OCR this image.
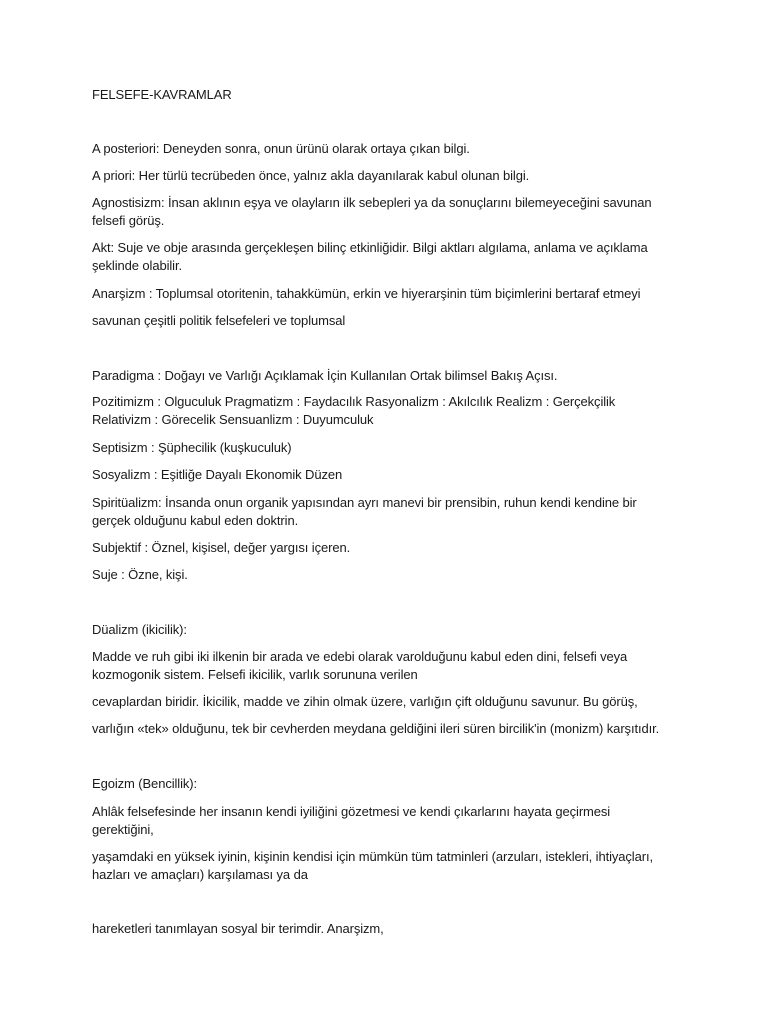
FELSEFE-KAVRAMLAR

A posteriori: Deneyden sonra, onun ürünü olarak ortaya çıkan bilgi.

A priori: Her türlü tecrübeden önce, yalnız akla dayanılarak kabul olunan bilgi.

Agnostisizm: İnsan aklının eşya ve olayların ilk sebepleri ya da sonuçlarını bilemeyeceğini savunan
felsefi görüş.

Akt: Suje ve obje arasında gerçekleşen bilinç etkinliğidir. Bilgi aktları algılama, anlama ve açıklama
şeklinde olabilir.

Anarşizm : Toplumsal otoritenin, tahakkümün, erkin ve hiyerarşinin tüm biçimlerini bertaraf etmeyi

savunan çeşitli politik felsefeleri ve toplumsal

Paradigma : Doğayı ve Varlığı Açıklamak İçin Kullanılan Ortak bilimsel Bakış Açısı.

Pozitimizm : Olguculuk Pragmatizm : Faydacılık Rasyonalizm : Akılcılık Realizm : Gerçekçilik
Relativizm : Görecelik Sensuanlizm : Duyumculuk

Septisizm : Şüphecilik (kuşkuculuk)

Sosyalizm : Eşitliğe Dayalı Ekonomik Düzen

Spiritüalizm: İnsanda onun organik yapısından ayrı manevi bir prensibin, ruhun kendi kendine bir
gerçek olduğunu kabul eden doktrin.

Subjektif : Öznel, kişisel, değer yargısı içeren.

Suje : Özne, kişi.

Düalizm (ikicilik):

Madde ve ruh gibi iki ilkenin bir arada ve edebi olarak varolduğunu kabul eden dini, felsefi veya
kozmogonik sistem. Felsefi ikicilik, varlık sorununa verilen

cevaplardan biridir. İkicilik, madde ve zihin olmak üzere, varlığın çift olduğunu savunur. Bu görüş,

varlığın «tek» olduğunu, tek bir cevherden meydana geldiğini ileri süren bircilik'in (monizm) karşıtıdır.

Egoizm (Bencillik):

Ahlâk felsefesinde her insanın kendi iyiliğini gözetmesi ve kendi çıkarlarını hayata geçirmesi
gerektiğini,

yaşamdaki en yüksek iyinin, kişinin kendisi için mümkün tüm tatminleri (arzuları, istekleri, ihtiyaçları,
hazları ve amaçları) karşılaması ya da

hareketleri tanımlayan sosyal bir terimdir. Anarşizm,
